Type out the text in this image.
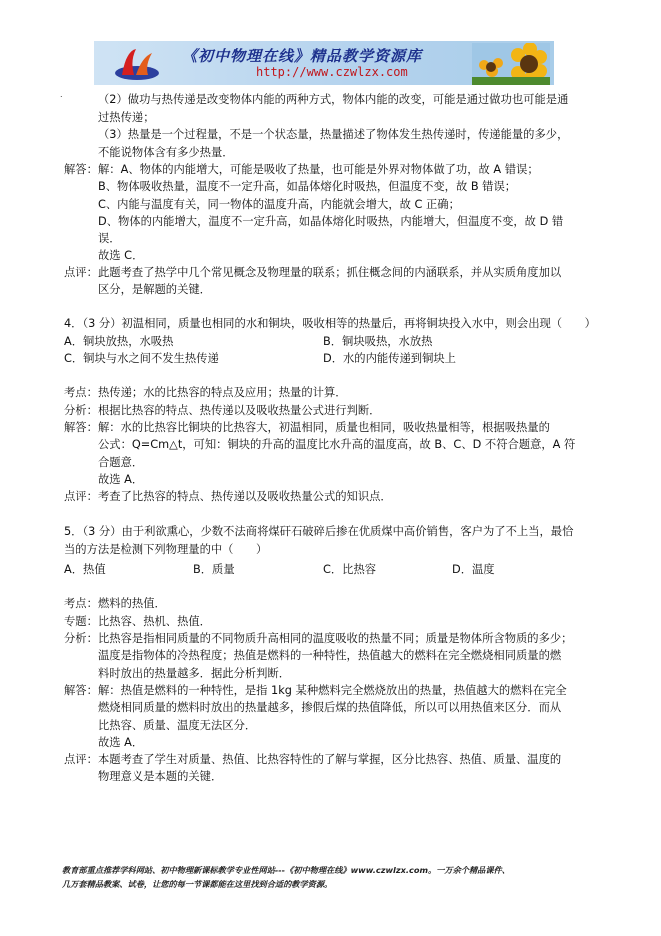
《初中物理在线》精品教学资源库
http://www.czwlzx.com
.	（2）做功与热传递是改变物体内能的两种方式，物体内能的改变，可能是通过做功也可能是通
过热传递；
（3）热量是一个过程量，不是一个状态量，热量描述了物体发生热传递时，传递能量的多少，
不能说物体含有多少热量．
解答： 解：A、物体的内能增大，可能是吸收了热量，也可能是外界对物体做了功，故 A 错误；
B、物体吸收热量，温度不一定升高，如晶体熔化时吸热，但温度不变，故 B 错误；
C、内能与温度有关，同一物体的温度升高，内能就会增大，故 C 正确；
D、物体的内能增大，温度不一定升高，如晶体熔化时吸热，内能增大，但温度不变，故 D 错
误．
故选 C．
点评： 此题考查了热学中几个常见概念及物理量的联系；抓住概念间的内涵联系，并从实质角度加以
区分，是解题的关键．
4．（3 分）初温相同，质量也相同的水和铜块，吸收相等的热量后，再将铜块投入水中，则会出现（　　）
A．铜块放热，水吸热	B．铜块吸热，水放热
C．铜块与水之间不发生热传递	D．水的内能传递到铜块上
考点： 热传递；水的比热容的特点及应用；热量的计算．
分析： 根据比热容的特点、热传递以及吸收热量公式进行判断．
解答： 解：水的比热容比铜块的比热容大，初温相同，质量也相同，吸收热量相等，根据吸热量的
公式：Q=Cm△t，可知：铜块的升高的温度比水升高的温度高，故 B、C、D 不符合题意，A 符
合题意．
故选 A．
点评： 考查了比热容的特点、热传递以及吸收热量公式的知识点．
5．（3 分）由于利欲熏心，少数不法商将煤矸石破碎后掺在优质煤中高价销售，客户为了不上当，最恰
当的方法是检测下列物理量的中（　　）
A．热值	B．质量	C．比热容	D．温度
考点： 燃料的热值．
专题： 比热容、热机、热值．
分析： 比热容是指相同质量的不同物质升高相同的温度吸收的热量不同；质量是物体所含物质的多少；
温度是指物体的冷热程度；热值是燃料的一种特性，热值越大的燃料在完全燃烧相同质量的燃
料时放出的热量越多．据此分析判断．
解答： 解：热值是燃料的一种特性，是指 1kg 某种燃料完全燃烧放出的热量，热值越大的燃料在完全
燃烧相同质量的燃料时放出的热量越多，掺假后煤的热值降低，所以可以用热值来区分．而从
比热容、质量、温度无法区分．
故选 A．
点评： 本题考查了学生对质量、热值、比热容特性的了解与掌握，区分比热容、热值、质量、温度的
物理意义是本题的关键．
教育部重点推荐学科网站、初中物理新课标教学专业性网站---《初中物理在线》www.czwlzx.com。一万余个精品课件、
几万套精品教案、试卷，让您的每一节课都能在这里找到合适的教学资源。
